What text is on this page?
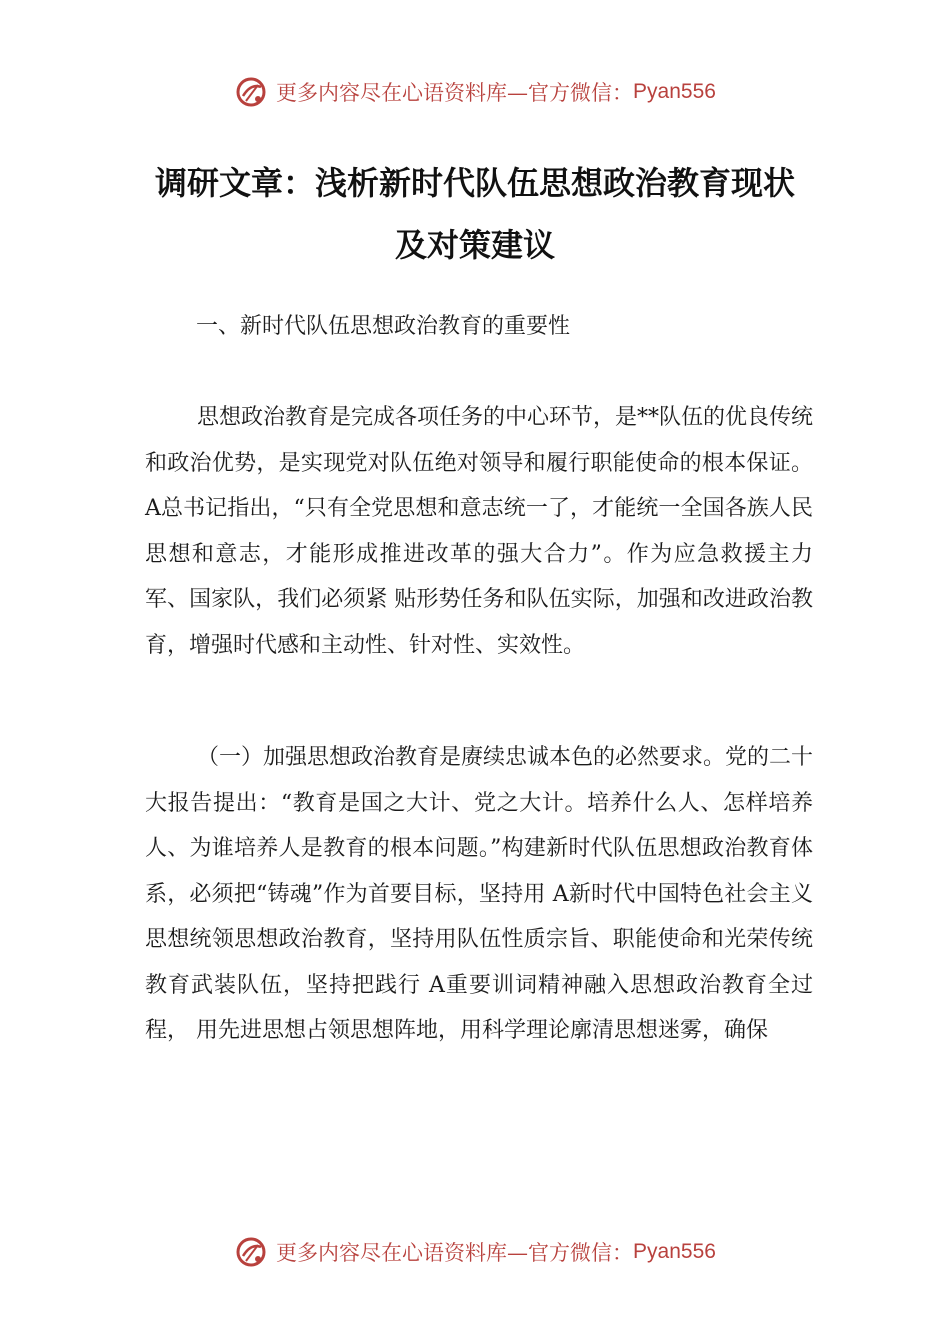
更多内容尽在心语资料库—官方微信： Pyan556
调研文章：浅析新时代队伍思想政治教育现状及对策建议
一、新时代队伍思想政治教育的重要性
思想政治教育是完成各项任务的中心环节，是**队伍的优良传统和政治优势，是实现党对队伍绝对领导和履行职能使命的根本保证。A总书记指出，“只有全党思想和意志统一了，才能统一全国各族人民思想和意志，才能形成推进改革的强大合力”。作为应急救援主力军、国家队，我们必须紧 贴形势任务和队伍实际，加强和改进政治教育，增强时代感和主动性、针对性、实效性。
（一）加强思想政治教育是赓续忠诚本色的必然要求。党的二十大报告提出：“教育是国之大计、党之大计。培养什么人、怎样培养人、为谁培养人是教育的根本问题。”构建新时代队伍思想政治教育体系，必须把“铸魂”作为首要目标，坚持用 A新时代中国特色社会主义思想统领思想政治教育，坚持用队伍性质宗旨、职能使命和光荣传统教育武装队伍，坚持把践行 A重要训词精神融入思想政治教育全过程， 用先进思想占领思想阵地，用科学理论廓清思想迷雾，确保
更多内容尽在心语资料库—官方微信： Pyan556
